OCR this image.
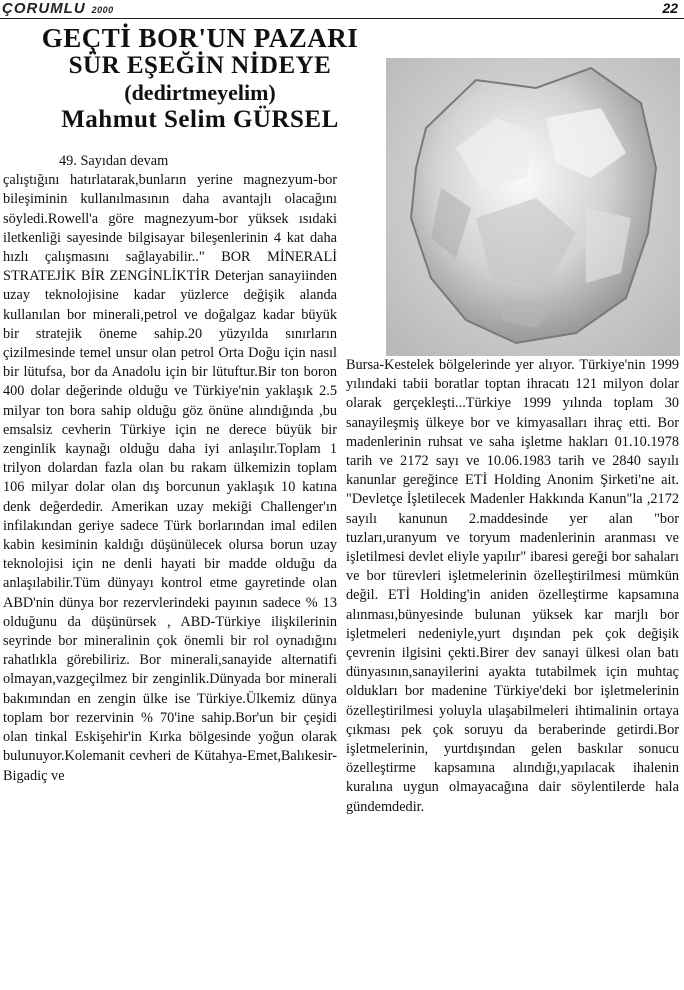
ÇORUMLU 2000	22
GEÇTİ BOR'UN PAZARI
SÜR EŞEĞİN NİDEYE
(dedirtmeyelim)
Mahmut Selim GÜRSEL
49. Sayıdan devam

çalıştığını hatırlatarak,bunların yerine magnezyum-bor bileşiminin kullanılmasının daha avantajlı olacağını söyledi.Rowell'a göre magnezyum-bor yüksek ısıdaki iletkenliği sayesinde bilgisayar bileşenlerinin 4 kat daha hızlı çalışmasını sağlayabilir.." BOR MİNERALİ STRATEJİK BİR ZENGİNLİKTİR Deterjan sanayiinden uzay teknolojisine kadar yüzlerce değişik alanda kullanılan bor minerali,petrol ve doğalgaz kadar büyük bir stratejik öneme sahip.20 yüzyılda sınırların çizilmesinde temel unsur olan petrol Orta Doğu için nasıl bir lütufsa, bor da Anadolu için bir lütuftur.Bir ton boron 400 dolar değerinde olduğu ve Türkiye'nin yaklaşık 2.5 milyar ton bora sahip olduğu göz önüne alındığında ,bu emsalsiz cevherin Türkiye için ne derece büyük bir zenginlik kaynağı olduğu daha iyi anlaşılır.Toplam 1 trilyon dolardan fazla olan bu rakam ülkemizin toplam 106 milyar dolar olan dış borcunun yaklaşık 10 katına denk değerdedir. Amerikan uzay mekiği Challenger'ın infilakından geriye sadece Türk borlarından imal edilen kabin kesiminin kaldığı düşünülecek olursa borun uzay teknolojisi için ne denli hayati bir madde olduğu da anlaşılabilir.Tüm dünyayı kontrol etme gayretinde olan ABD'nin dünya bor rezervlerindeki payının sadece % 13 olduğunu da düşünürsek , ABD-Türkiye ilişkilerinin seyrinde bor mineralinin çok önemli bir rol oynadığını rahatlıkla görebiliriz. Bor minerali,sanayide alternatifi olmayan,vazgeçilmez bir zenginlik.Dünyada bor minerali bakımından en zengin ülke ise Türkiye.Ülkemiz dünya toplam bor rezervinin % 70'ine sahip.Bor'un bir çeşidi olan tinkal Eskişehir'in Kırka bölgesinde yoğun olarak bulunuyor.Kolemanit cevheri de Kütahya-Emet,Balıkesir-Bigadiç ve

Bursa-Kestelek bölgelerinde yer alıyor. Türkiye'nin 1999 yılındaki tabii boratlar toptan ihracatı 121 milyon dolar olarak gerçekleşti...Türkiye 1999 yılında toplam 30 sanayileşmiş ülkeye bor ve kimyasalları ihraç etti. Bor madenlerinin ruhsat ve saha işletme hakları 01.10.1978 tarih ve 2172 sayı ve 10.06.1983 tarih ve 2840 sayılı kanunlar gereğince ETİ Holding Anonim Şirketi'ne ait. "Devletçe İşletilecek Madenler Hakkında Kanun"la ,2172 sayılı kanunun 2.maddesinde yer alan "bor tuzları,uranyum ve toryum madenlerinin aranması ve işletilmesi devlet eliyle yapılır" ibaresi gereği bor sahaları ve bor türevleri işletmelerinin özelleştirilmesi mümkün değil. ETİ Holding'in aniden özelleştirme kapsamına alınması,bünyesinde bulunan yüksek kar marjlı bor işletmeleri nedeniyle,yurt dışından pek çok değişik çevrenin ilgisini çekti.Birer dev sanayi ülkesi olan batı dünyasının,sanayilerini ayakta tutabilmek için muhtaç oldukları bor madenine Türkiye'deki bor işletmelerinin özelleştirilmesi yoluyla ulaşabilmeleri ihtimalinin ortaya çıkması pek çok soruyu da beraberinde getirdi.Bor işletmelerinin, yurtdışından gelen baskılar sonucu özelleştirme kapsamına alındığı,yapılacak ihalenin kuralına uygun olmayacağına dair söylentilerde hala gündemdedir.
